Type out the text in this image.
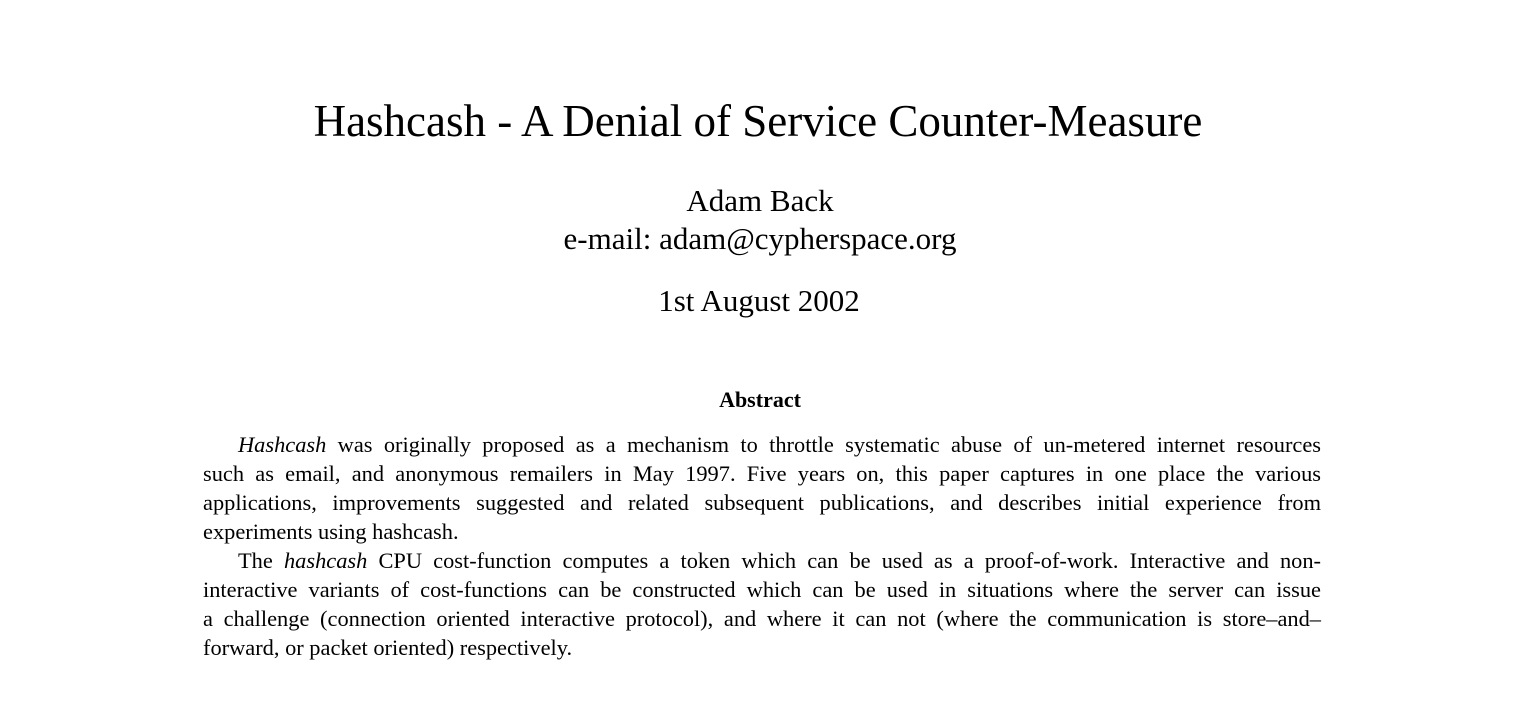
Hashcash - A Denial of Service Counter-Measure
Adam Back
e-mail: adam@cypherspace.org
1st August 2002
Abstract
Hashcash was originally proposed as a mechanism to throttle systematic abuse of un-metered internet resources
such as email, and anonymous remailers in May 1997. Five years on, this paper captures in one place the various
applications, improvements suggested and related subsequent publications, and describes initial experience from
experiments using hashcash.
The hashcash CPU cost-function computes a token which can be used as a proof-of-work. Interactive and non-
interactive variants of cost-functions can be constructed which can be used in situations where the server can issue
a challenge (connection oriented interactive protocol), and where it can not (where the communication is store–and–
forward, or packet oriented) respectively.
